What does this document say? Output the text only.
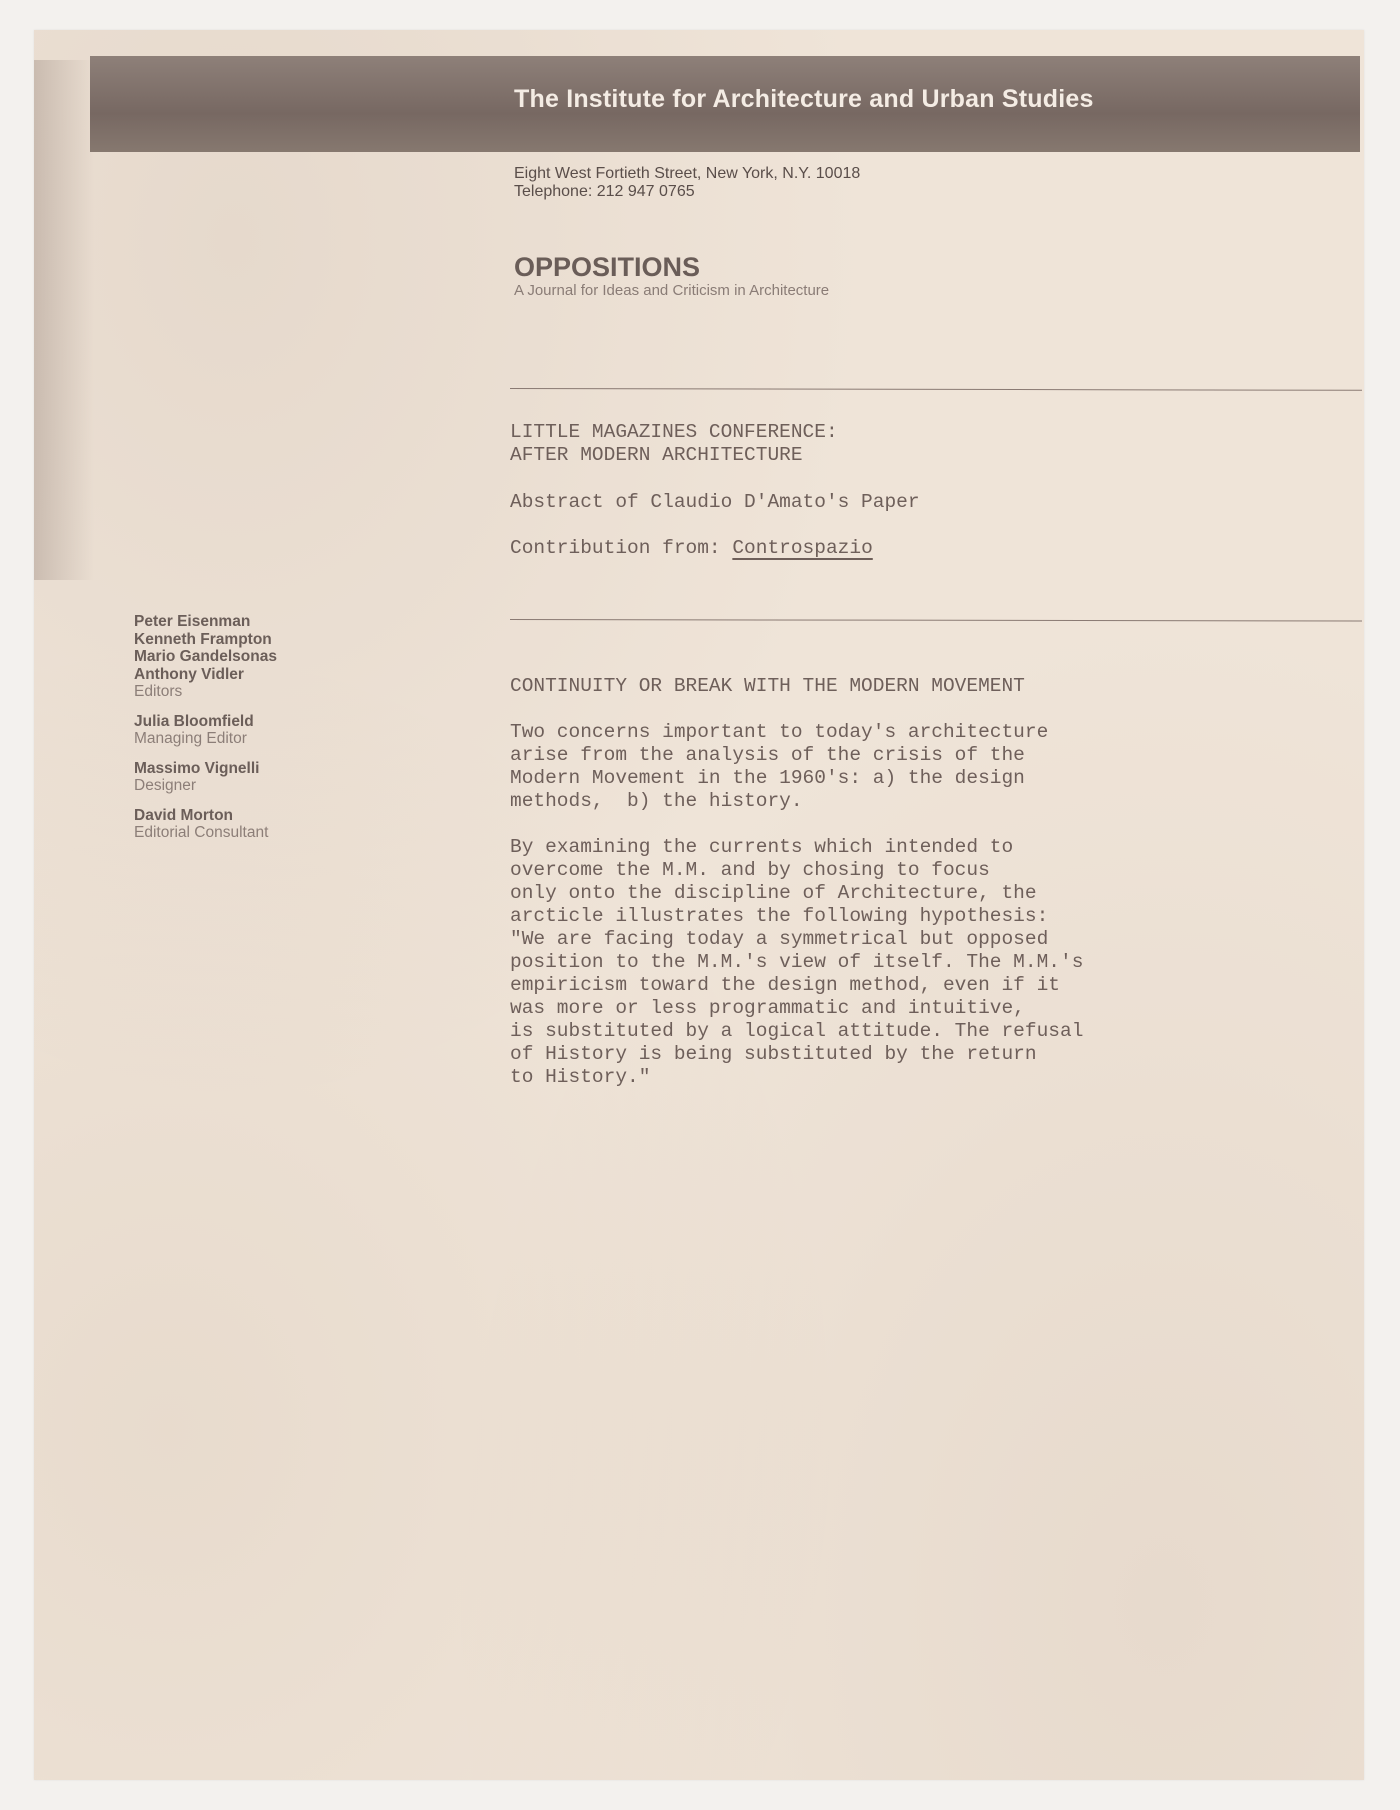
The Institute for Architecture and Urban Studies
Eight West Fortieth Street, New York, N.Y. 10018
Telephone: 212 947 0765
OPPOSITIONS
A Journal for Ideas and Criticism in Architecture
LITTLE MAGAZINES CONFERENCE:
AFTER MODERN ARCHITECTURE
Abstract of Claudio D'Amato's Paper
Contribution from: Controspazio
Peter Eisenman
Kenneth Frampton
Mario Gandelsonas
Anthony Vidler
Editors
Julia Bloomfield
Managing Editor
Massimo Vignelli
Designer
David Morton
Editorial Consultant
CONTINUITY OR BREAK WITH THE MODERN MOVEMENT
Two concerns important to today's architecture
arise from the analysis of the crisis of the
Modern Movement in the 1960's: a) the design
methods,  b) the history.
By examining the currents which intended to
overcome the M.M. and by chosing to focus
only onto the discipline of Architecture, the
arcticle illustrates the following hypothesis:
"We are facing today a symmetrical but opposed
position to the M.M.'s view of itself. The M.M.'s
empiricism toward the design method, even if it
was more or less programmatic and intuitive,
is substituted by a logical attitude. The refusal
of History is being substituted by the return
to History."
